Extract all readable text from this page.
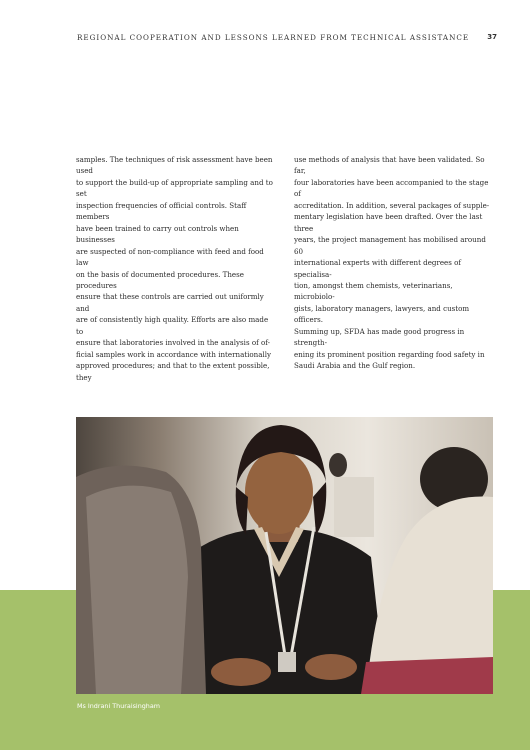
REGIONAL COOPERATION AND LESSONS LEARNED FROM TECHNICAL ASSISTANCE	37

samples. The techniques of risk assessment have been used

to support the build-up of appropriate sampling and to set

inspection frequencies of official controls. Staff members

have been trained to carry out controls when businesses

are suspected of non-compliance with feed and food law

on the basis of documented procedures. These procedures

ensure that these controls are carried out uniformly and

are of consistently high quality. Efforts are also made to

ensure that laboratories involved in the analysis of of-

ficial samples work in accordance with internationally

approved procedures; and that to the extent possible, they

use methods of analysis that have been validated. So far,

four laboratories have been accompanied to the stage of

accreditation. In addition, several packages of supple-

mentary legislation have been drafted. Over the last three

years, the project management has mobilised around 60

international experts with different degrees of specialisa-

tion, amongst them chemists, veterinarians, microbiolo-

gists, laboratory managers, lawyers, and custom officers.

Summing up, SFDA has made good progress in strength-

ening its prominent position regarding food safety in

Saudi Arabia and the Gulf region.

Ms Indrani Thuraisingham
